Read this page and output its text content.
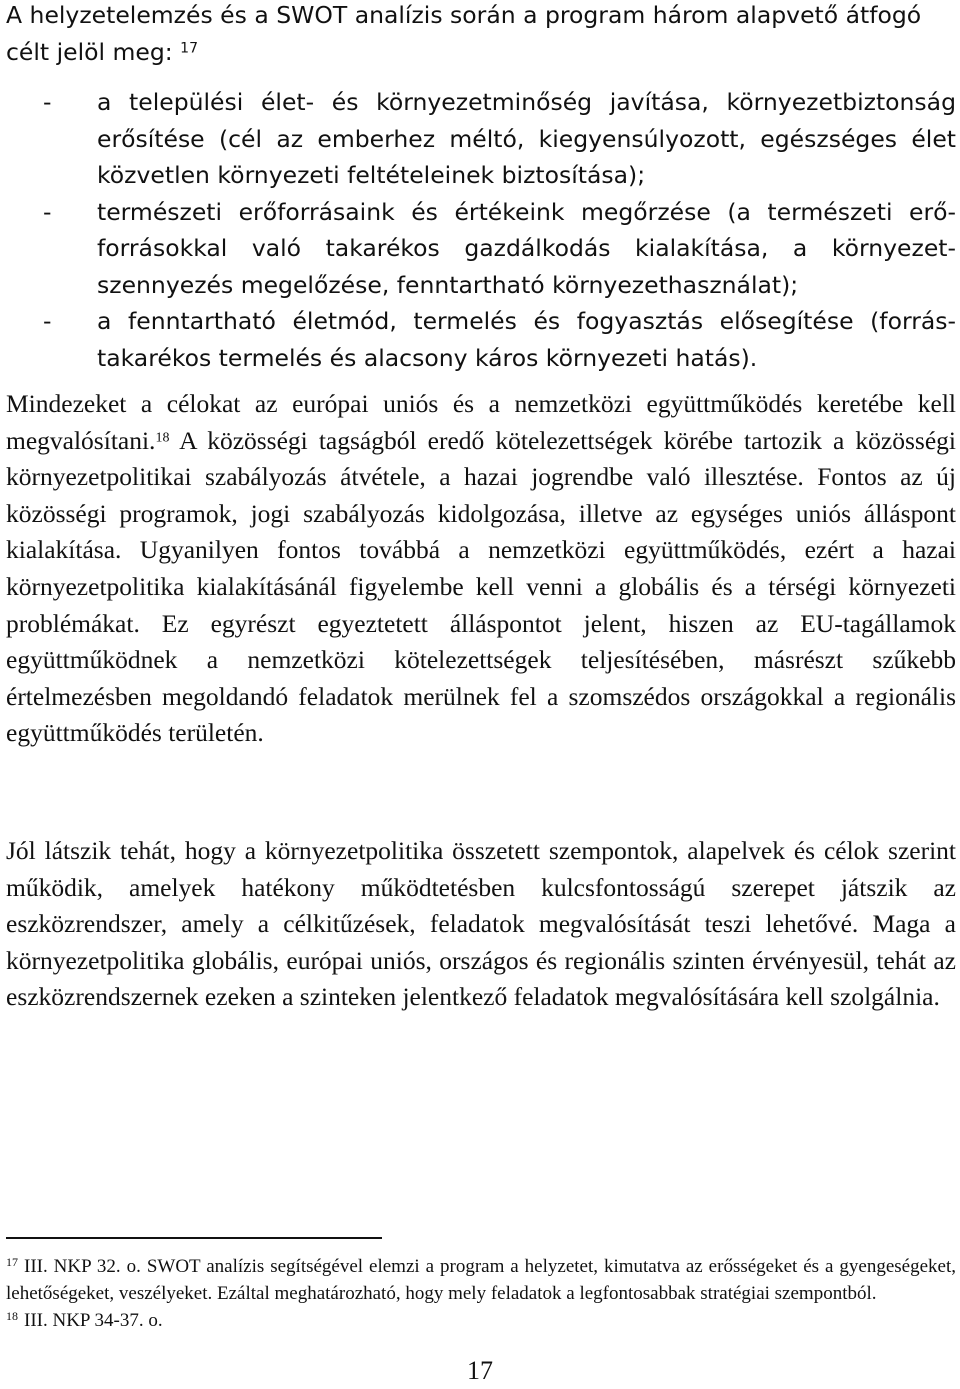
A helyzetelemzés és a SWOT analízis során a program három alapvető átfogó célt jelöl meg: $^{17}$

- a települési élet- és környezetminőség javítása, környezetbiztonság erősítése (cél az emberhez méltó, kiegyensúlyozott, egészséges élet közvetlen környezeti feltételeinek biztosítása);
- természeti erőforrásaink és értékeink megőrzése (a természeti erőforrásokkal való takarékos gazdálkodás kialakítása, a környezetszennyezés megelőzése, fenntartható környezethasználat);
- a fenntartható életmód, termelés és fogyasztás elősegítése (forrástakarékos termelés és alacsony káros környezeti hatás).

Mindezeket a célokat az európai uniós és a nemzetközi együttműködés keretébe kell megvalósítani.$^{18}$ A közösségi tagságból eredő kötelezettségek körébe tartozik a közösségi környezetpolitikai szabályozás átvétele, a hazai jogrendbe való illesztése. Fontos az új közösségi programok, jogi szabályozás kidolgozása, illetve az egységes uniós álláspont kialakítása. Ugyanilyen fontos továbbá a nemzetközi együttműködés, ezért a hazai környezetpolitika kialakításánál figyelembe kell venni a globális és a térségi környezeti problémákat. Ez egyrészt egyeztetett álláspontot jelent, hiszen az EU-tagállamok együttműködnek a nemzetközi kötelezettségek teljesítésében, másrészt szűkebb értelmezésben megoldandó feladatok merülnek fel a szomszédos országokkal a regionális együttműködés területén.

Jól látszik tehát, hogy a környezetpolitika összetett szempontok, alapelvek és célok szerint működik, amelyek hatékony működtetésben kulcsfontosságú szerepet játszik az eszközrendszer, amely a célkitűzések, feladatok megvalósítását teszi lehetővé. Maga a környezetpolitika globális, európai uniós, országos és regionális szinten érvényesül, tehát az eszközrendszernek ezeken a szinteken jelentkező feladatok megvalósítására kell szolgálnia.

$^{17}$ III. NKP 32. o. SWOT analízis segítségével elemzi a program a helyzetet, kimutatva az erősségeket és a gyengeségeket, lehetőségeket, veszélyeket. Ezáltal meghatározható, hogy mely feladatok a legfontosabbak stratégiai szempontból.

$^{18}$ III. NKP 34-37. o.

17
